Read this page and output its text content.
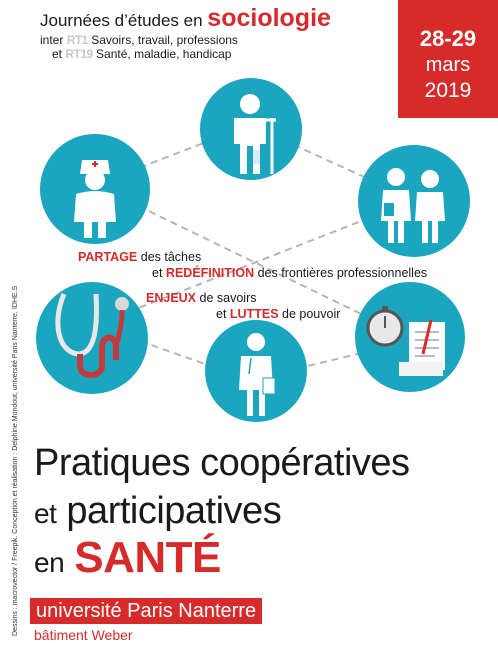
Journées d’études en sociologie
inter RT1 Savoirs, travail, professions
et RT19 Santé, maladie, handicap
28-29
mars
2019
PARTAGE des tâches
et REDÉFINITION des frontières professionnelles
ENJEUX de savoirs
et LUTTES de pouvoir
Pratiques coopératives
et participatives
en SANTÉ
université Paris Nanterre
bâtiment Weber
Dessins : macrovector / Freepik. Conception et réalisation : Delphine Mondout, université Paris Nanterre, IDHE.S
